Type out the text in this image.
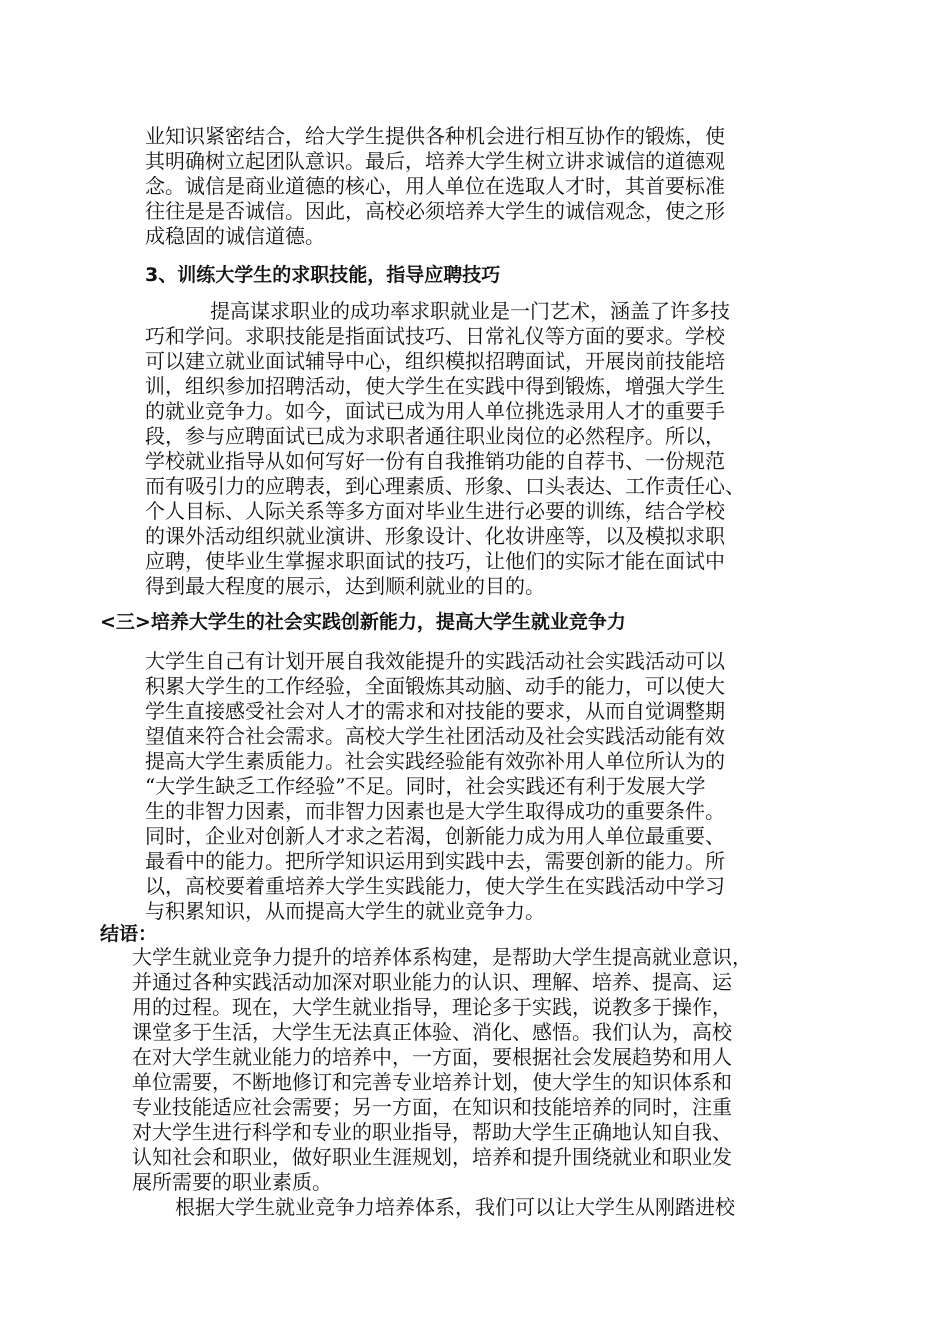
业知识紧密结合，给大学生提供各种机会进行相互协作的锻炼，使
其明确树立起团队意识。最后，培养大学生树立讲求诚信的道德观
念。诚信是商业道德的核心，用人单位在选取人才时，其首要标准
往往是是否诚信。因此，高校必须培养大学生的诚信观念，使之形
成稳固的诚信道德。
3、训练大学生的求职技能，指导应聘技巧
提高谋求职业的成功率求职就业是一门艺术，涵盖了许多技
巧和学问。求职技能是指面试技巧、日常礼仪等方面的要求。学校
可以建立就业面试辅导中心，组织模拟招聘面试，开展岗前技能培
训，组织参加招聘活动，使大学生在实践中得到锻炼，增强大学生
的就业竞争力。如今，面试已成为用人单位挑选录用人才的重要手
段，参与应聘面试已成为求职者通往职业岗位的必然程序。所以，
学校就业指导从如何写好一份有自我推销功能的自荐书、一份规范
而有吸引力的应聘表，到心理素质、形象、口头表达、工作责任心、
个人目标、人际关系等多方面对毕业生进行必要的训练，结合学校
的课外活动组织就业演讲、形象设计、化妆讲座等，以及模拟求职
应聘，使毕业生掌握求职面试的技巧，让他们的实际才能在面试中
得到最大程度的展示，达到顺利就业的目的。
<三>培养大学生的社会实践创新能力，提高大学生就业竞争力
大学生自己有计划开展自我效能提升的实践活动社会实践活动可以
积累大学生的工作经验，全面锻炼其动脑、动手的能力，可以使大
学生直接感受社会对人才的需求和对技能的要求，从而自觉调整期
望值来符合社会需求。高校大学生社团活动及社会实践活动能有效
提高大学生素质能力。社会实践经验能有效弥补用人单位所认为的
“大学生缺乏工作经验”不足。同时，社会实践还有利于发展大学
生的非智力因素，而非智力因素也是大学生取得成功的重要条件。
同时，企业对创新人才求之若渴，创新能力成为用人单位最重要、
最看中的能力。把所学知识运用到实践中去，需要创新的能力。所
以，高校要着重培养大学生实践能力，使大学生在实践活动中学习
与积累知识，从而提高大学生的就业竞争力。
结语：
大学生就业竞争力提升的培养体系构建，是帮助大学生提高就业意识，
并通过各种实践活动加深对职业能力的认识、理解、培养、提高、运
用的过程。现在，大学生就业指导，理论多于实践，说教多于操作，
课堂多于生活，大学生无法真正体验、消化、感悟。我们认为，高校
在对大学生就业能力的培养中，一方面，要根据社会发展趋势和用人
单位需要，不断地修订和完善专业培养计划，使大学生的知识体系和
专业技能适应社会需要；另一方面，在知识和技能培养的同时，注重
对大学生进行科学和专业的职业指导，帮助大学生正确地认知自我、
认知社会和职业，做好职业生涯规划，培养和提升围绕就业和职业发
展所需要的职业素质。
根据大学生就业竞争力培养体系，我们可以让大学生从刚踏进校
